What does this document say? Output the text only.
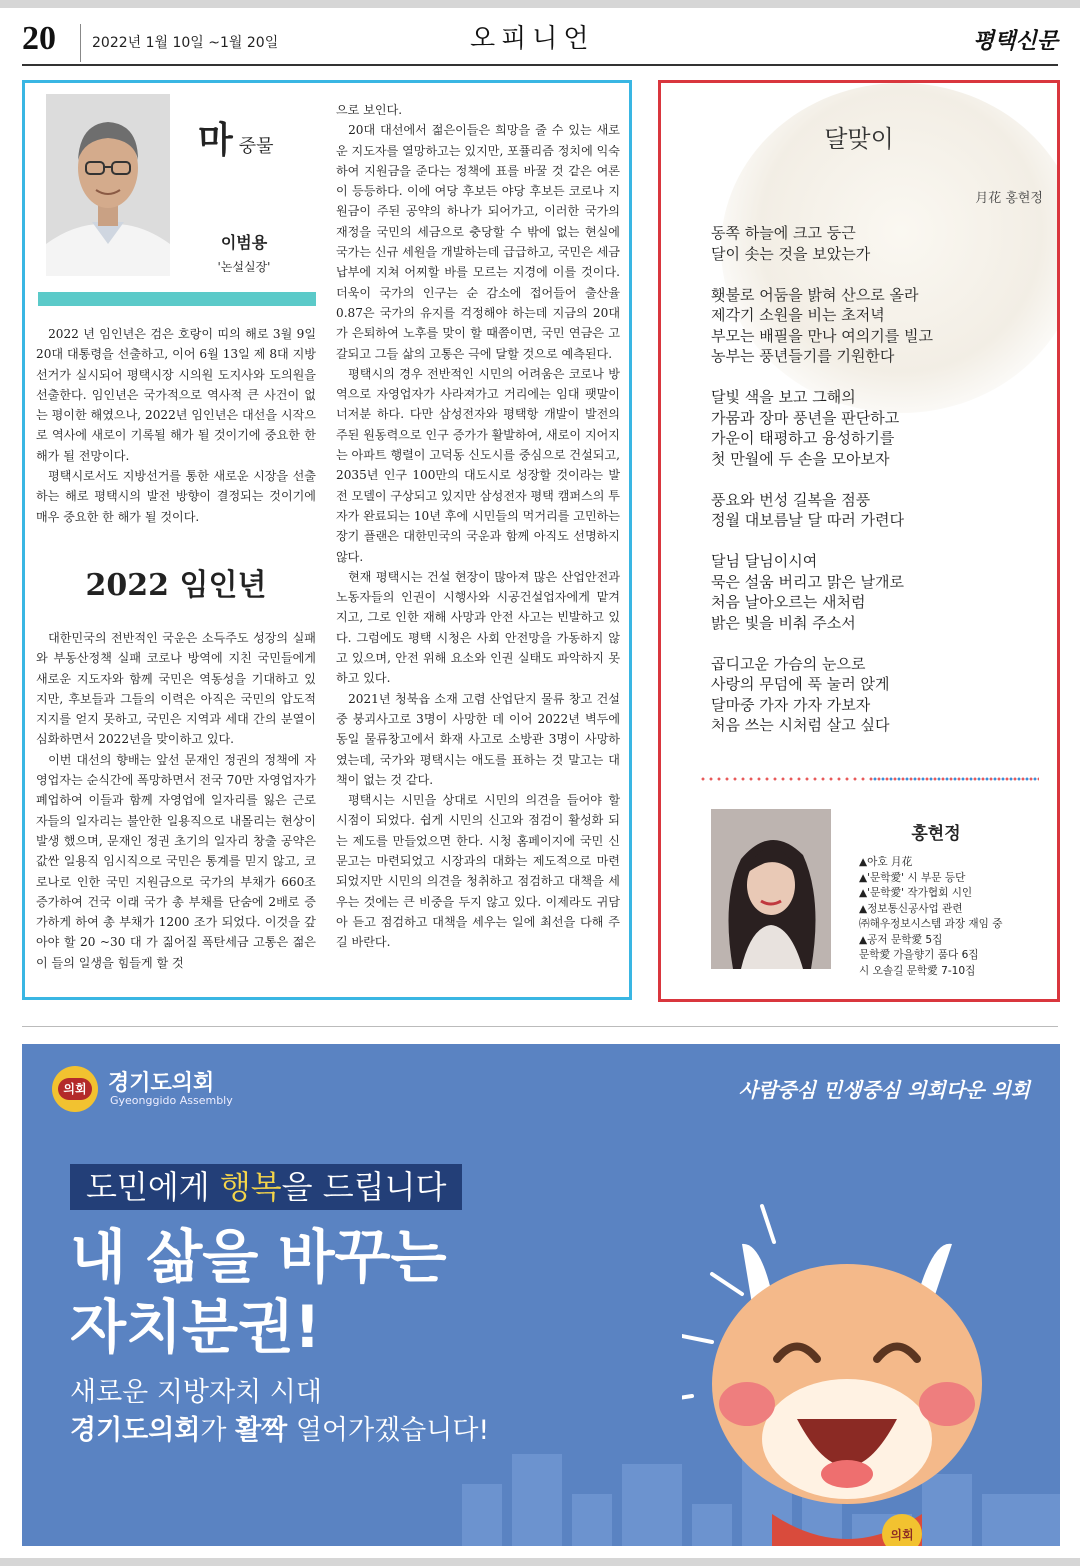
20	2022년 1월 10일 ~1월 20일	오피니언	평택신문
마중물
이범용
'논설실장'

2022 년 임인년은 검은 호랑이 띠의 해로 3월 9일 20대 대통령을 선출하고, 이어 6월 13일 제 8대 지방선거가 실시되어 평택시장 시의원 도지사와 도의원을 선출한다. 임인년은 국가적으로 역사적 큰 사건이 없는 평이한 해였으나, 2022년 임인년은 대선을 시작으로 역사에 새로이 기록될 해가 될 것이기에 중요한 한 해가 될 전망이다.

평택시로서도 지방선거를 통한 새로운 시장을 선출하는 해로 평택시의 발전 방향이 결정되는 것이기에 매우 중요한 한 해가 될 것이다.

2022 임인년

대한민국의 전반적인 국운은 소득주도 성장의 실패와 부동산정책 실패 코로나 방역에 지친 국민들에게 새로운 지도자와 함께 국민은 역동성을 기대하고 있지만, 후보들과 그들의 이력은 아직은 국민의 압도적 지지를 얻지 못하고, 국민은 지역과 세대 간의 분열이 심화하면서 2022년을 맞이하고 있다.

이번 대선의 향배는 앞선 문재인 정권의 정책에 자영업자는 순식간에 폭망하면서 전국 70만 자영업자가 폐업하여 이들과 함께 자영업에 일자리를 잃은 근로자들의 일자리는 불안한 일용직으로 내몰리는 현상이 발생 했으며, 문재인 정권 초기의 일자리 창출 공약은 값싼 일용직 임시직으로 국민은 통계를 믿지 않고, 코로나로 인한 국민 지원금으로 국가의 부채가 660조 증가하여 건국 이래 국가 총 부채를 단숨에 2배로 증가하게 하여 총 부채가 1200 조가 되었다. 이것을 갚아야 할 20 ~30 대 가 짊어질 폭탄세금 고통은 젊은이 들의 일생을 힘들게 할 것

으로 보인다.

20대 대선에서 젊은이들은 희망을 줄 수 있는 새로운 지도자를 열망하고는 있지만, 포퓰리즘 정치에 익숙하여 지원금을 준다는 정책에 표를 바꿀 것 같은 여론이 등등하다. 이에 여당 후보든 야당 후보든 코로나 지원금이 주된 공약의 하나가 되어가고, 이러한 국가의 재정을 국민의 세금으로 충당할 수 밖에 없는 현실에 국가는 신규 세원을 개발하는데 급급하고, 국민은 세금 납부에 지쳐 어찌할 바를 모르는 지경에 이를 것이다. 더욱이 국가의 인구는 순 감소에 접어들어 출산율 0.87은 국가의 유지를 걱정해야 하는데 지금의 20대가 은퇴하여 노후를 맞이 할 때쯤이면, 국민 연금은 고갈되고 그들 삶의 고통은 극에 달할 것으로 예측된다.

평택시의 경우 전반적인 시민의 어려움은 코로나 방역으로 자영업자가 사라져가고 거리에는 임대 팻말이 너저분 하다. 다만 삼성전자와 평택항 개발이 발전의 주된 원동력으로 인구 증가가 활발하여, 새로이 지어지는 아파트 행렬이 고덕동 신도시를 중심으로 건설되고, 2035년 인구 100만의 대도시로 성장할 것이라는 발전 모델이 구상되고 있지만 삼성전자 평택 캠퍼스의 투자가 완료되는 10년 후에 시민들의 먹거리를 고민하는 장기 플랜은 대한민국의 국운과 함께 아직도 선명하지 않다.

현재 평택시는 건설 현장이 많아져 많은 산업안전과 노동자들의 인권이 시행사와 시공건설업자에게 맡겨지고, 그로 인한 재해 사망과 안전 사고는 빈발하고 있다. 그럼에도 평택 시청은 사회 안전망을 가동하지 않고 있으며, 안전 위해 요소와 인권 실태도 파악하지 못하고 있다.

2021년 청북읍 소재 고렴 산업단지 물류 창고 건설 중 붕괴사고로 3명이 사망한 데 이어 2022년 벽두에 동일 물류창고에서 화재 사고로 소방관 3명이 사망하였는데, 국가와 평택시는 애도를 표하는 것 말고는 대책이 없는 것 같다.

평택시는 시민을 상대로 시민의 의견을 들어야 할 시점이 되었다. 쉽게 시민의 신고와 점검이 활성화 되는 제도를 만들었으면 한다. 시청 홈페이지에 국민 신문고는 마련되었고 시장과의 대화는 제도적으로 마련되었지만 시민의 의견을 청취하고 점검하고 대책을 세우는 것에는 큰 비중을 두지 않고 있다. 이제라도 귀담아 듣고 점검하고 대책을 세우는 일에 최선을 다해 주길 바란다.

달맞이
月花 홍현정
동쪽 하늘에 크고 둥근
달이 솟는 것을 보았는가
횃불로 어둠을 밝혀 산으로 올라
제각기 소원을 비는 초저녁
부모는 배필을 만나 여의기를 빌고
농부는 풍년들기를 기원한다
달빛 색을 보고 그해의
가뭄과 장마 풍년을 판단하고
가운이 태평하고 융성하기를
첫 만월에 두 손을 모아보자
풍요와 번성 길복을 점풍
정월 대보름날 달 따러 가련다
달님 달님이시여
묵은 설움 버리고 맑은 날개로
처음 날아오르는 새처럼
밝은 빛을 비춰 주소서
곱디고운 가슴의 눈으로
사랑의 무덤에 푹 눌러 앉게
달마중 가자 가자 가보자
처음 쓰는 시처럼 살고 싶다
홍현정
▲아호 月花
▲'문학愛' 시 부문 등단
▲'문학愛' 작가협회 시인
▲정보통신공사업 관련
㈜해우정보시스템 과장 재임 중
▲공저 문학愛 5집
문학愛 가을향기 품다 6집
시 오솔길 문학愛 7-10집
의회 경기도의회
Gyeonggido Assembly	사람중심 민생중심 의회다운 의회
도민에게 행복을 드립니다
내 삶을 바꾸는
자치분권!
새로운 지방자치 시대
경기도의회가 활짝 열어가겠습니다!
의회
